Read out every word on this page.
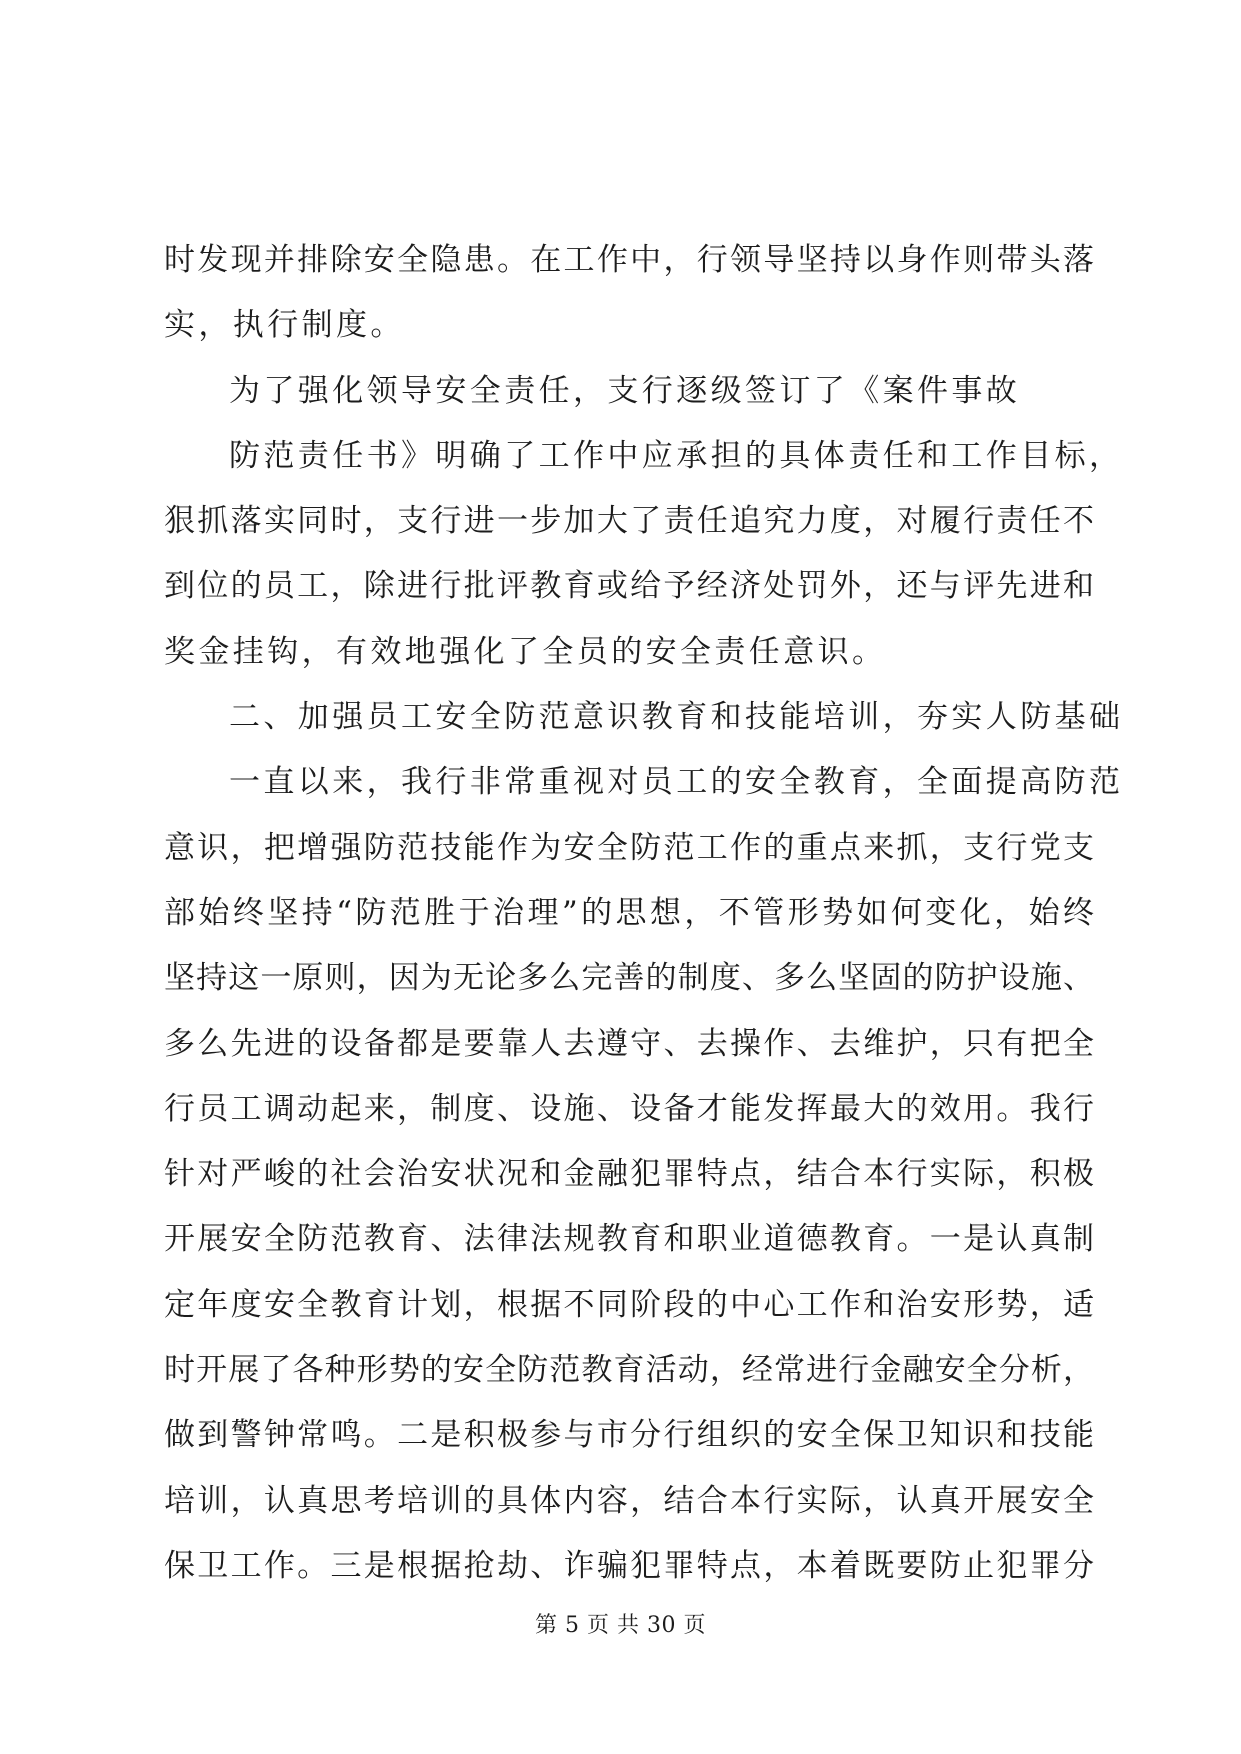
时发现并排除安全隐患。在工作中，行领导坚持以身作则带头落
实，执行制度。
为了强化领导安全责任，支行逐级签订了《案件事故
防范责任书》明确了工作中应承担的具体责任和工作目标，
狠抓落实同时，支行进一步加大了责任追究力度，对履行责任不
到位的员工，除进行批评教育或给予经济处罚外，还与评先进和
奖金挂钩，有效地强化了全员的安全责任意识。
二、加强员工安全防范意识教育和技能培训，夯实人防基础
一直以来，我行非常重视对员工的安全教育，全面提高防范
意识，把增强防范技能作为安全防范工作的重点来抓，支行党支
部始终坚持“防范胜于治理”的思想，不管形势如何变化，始终
坚持这一原则，因为无论多么完善的制度、多么坚固的防护设施、
多么先进的设备都是要靠人去遵守、去操作、去维护，只有把全
行员工调动起来，制度、设施、设备才能发挥最大的效用。我行
针对严峻的社会治安状况和金融犯罪特点，结合本行实际，积极
开展安全防范教育、法律法规教育和职业道德教育。一是认真制
定年度安全教育计划，根据不同阶段的中心工作和治安形势，适
时开展了各种形势的安全防范教育活动，经常进行金融安全分析，
做到警钟常鸣。二是积极参与市分行组织的安全保卫知识和技能
培训，认真思考培训的具体内容，结合本行实际，认真开展安全
保卫工作。三是根据抢劫、诈骗犯罪特点，本着既要防止犯罪分
第 5 页 共 30 页
